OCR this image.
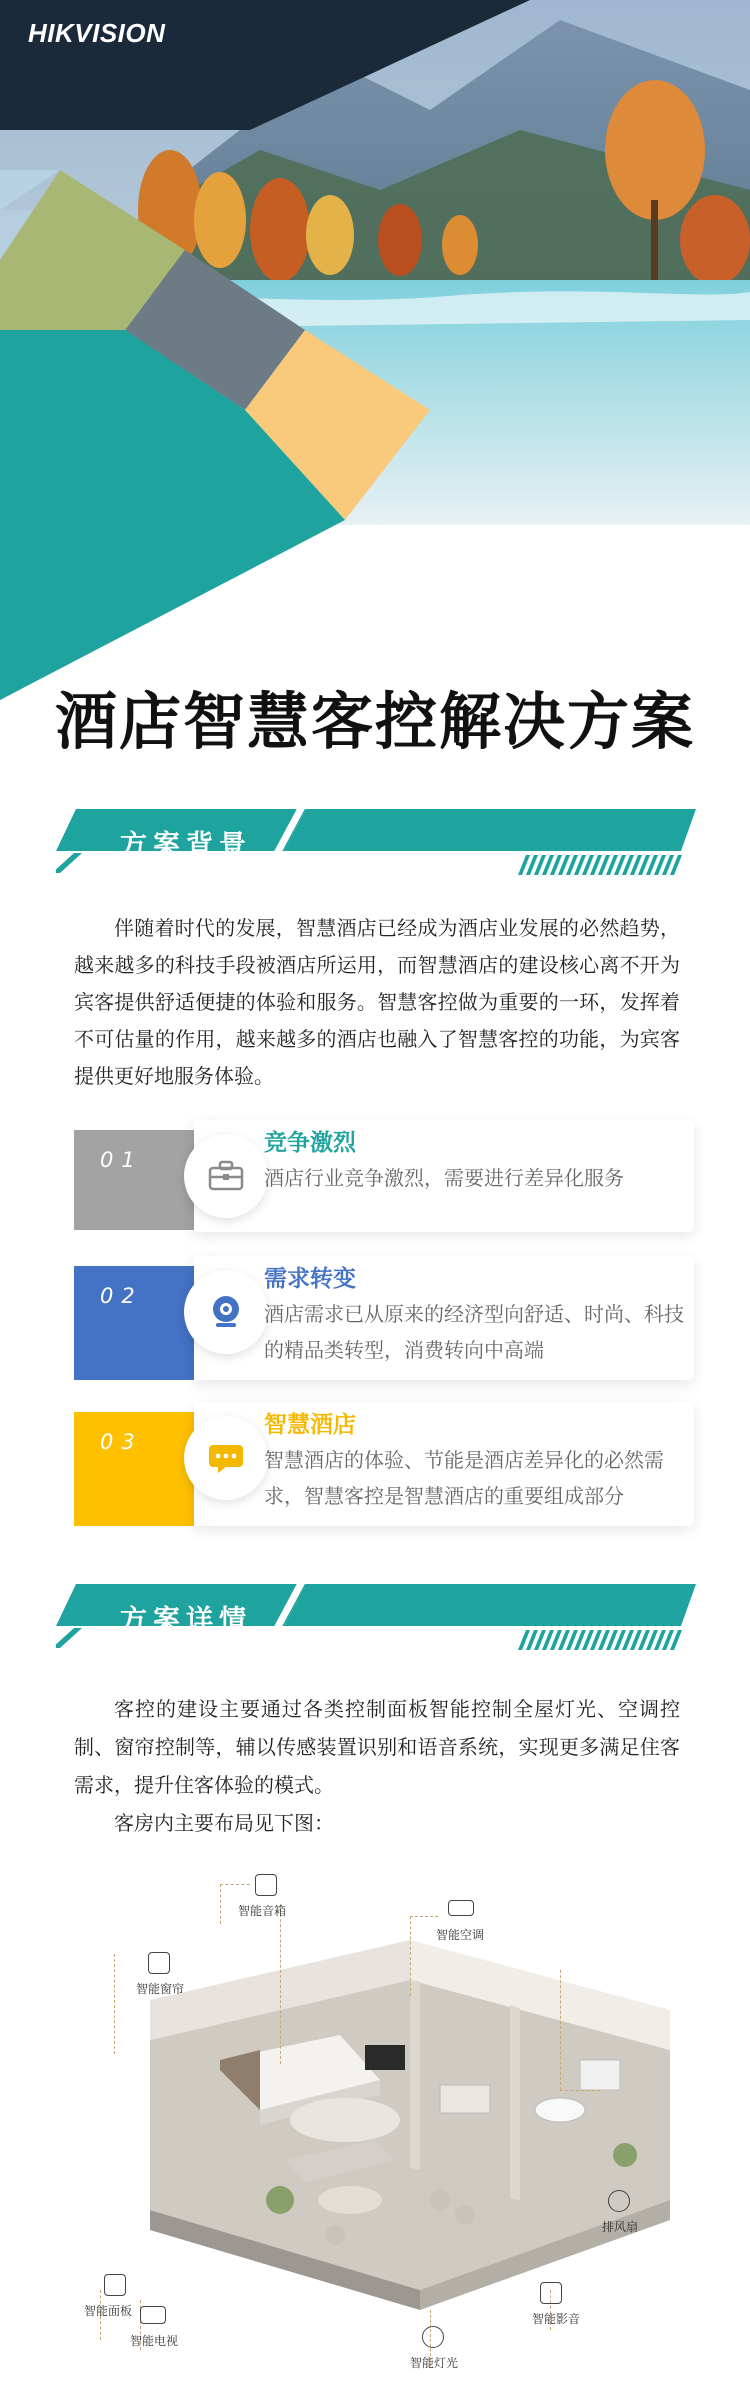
HIKVISION
酒店智慧客控解决方案
方案背景

伴随着时代的发展，智慧酒店已经成为酒店业发展的必然趋势，越来越多的科技手段被酒店所运用，而智慧酒店的建设核心离不开为宾客提供舒适便捷的体验和服务。智慧客控做为重要的一环，发挥着不可估量的作用，越来越多的酒店也融入了智慧客控的功能，为宾客提供更好地服务体验。

01
竞争激烈
酒店行业竞争激烈，需要进行差异化服务
02
需求转变
酒店需求已从原来的经济型向舒适、时尚、科技的精品类转型，消费转向中高端
03
智慧酒店
智慧酒店的体验、节能是酒店差异化的必然需求，智慧客控是智慧酒店的重要组成部分
方案详情

客控的建设主要通过各类控制面板智能控制全屋灯光、空调控制、窗帘控制等，辅以传感装置识别和语音系统，实现更多满足住客需求，提升住客体验的模式。

客房内主要布局见下图：

智能音箱
智能空调
智能窗帘
排风扇
智能面板
智能电视
智能影音
智能灯光
